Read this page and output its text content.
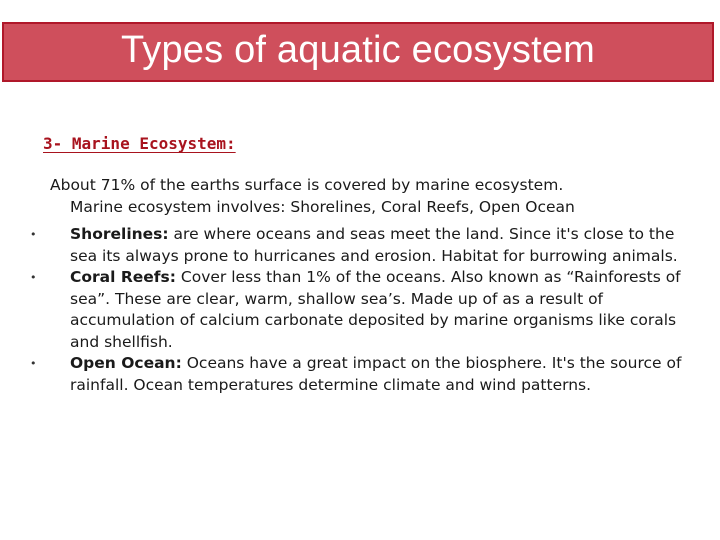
Types of aquatic ecosystem

3- Marine Ecosystem:

About 71% of the earths surface is covered by marine ecosystem.
Marine ecosystem involves: Shorelines, Coral Reefs, Open Ocean

• Shorelines: are where oceans and seas meet the land. Since it's close to the sea its always prone to hurricanes and erosion. Habitat for burrowing animals.
• Coral Reefs: Cover less than 1% of the oceans. Also known as “Rainforests of sea”. These are clear, warm, shallow sea’s. Made up of as a result of accumulation of calcium carbonate deposited by marine organisms like corals and shellfish.
• Open Ocean: Oceans have a great impact on the biosphere. It's the source of rainfall. Ocean temperatures determine climate and wind patterns.
